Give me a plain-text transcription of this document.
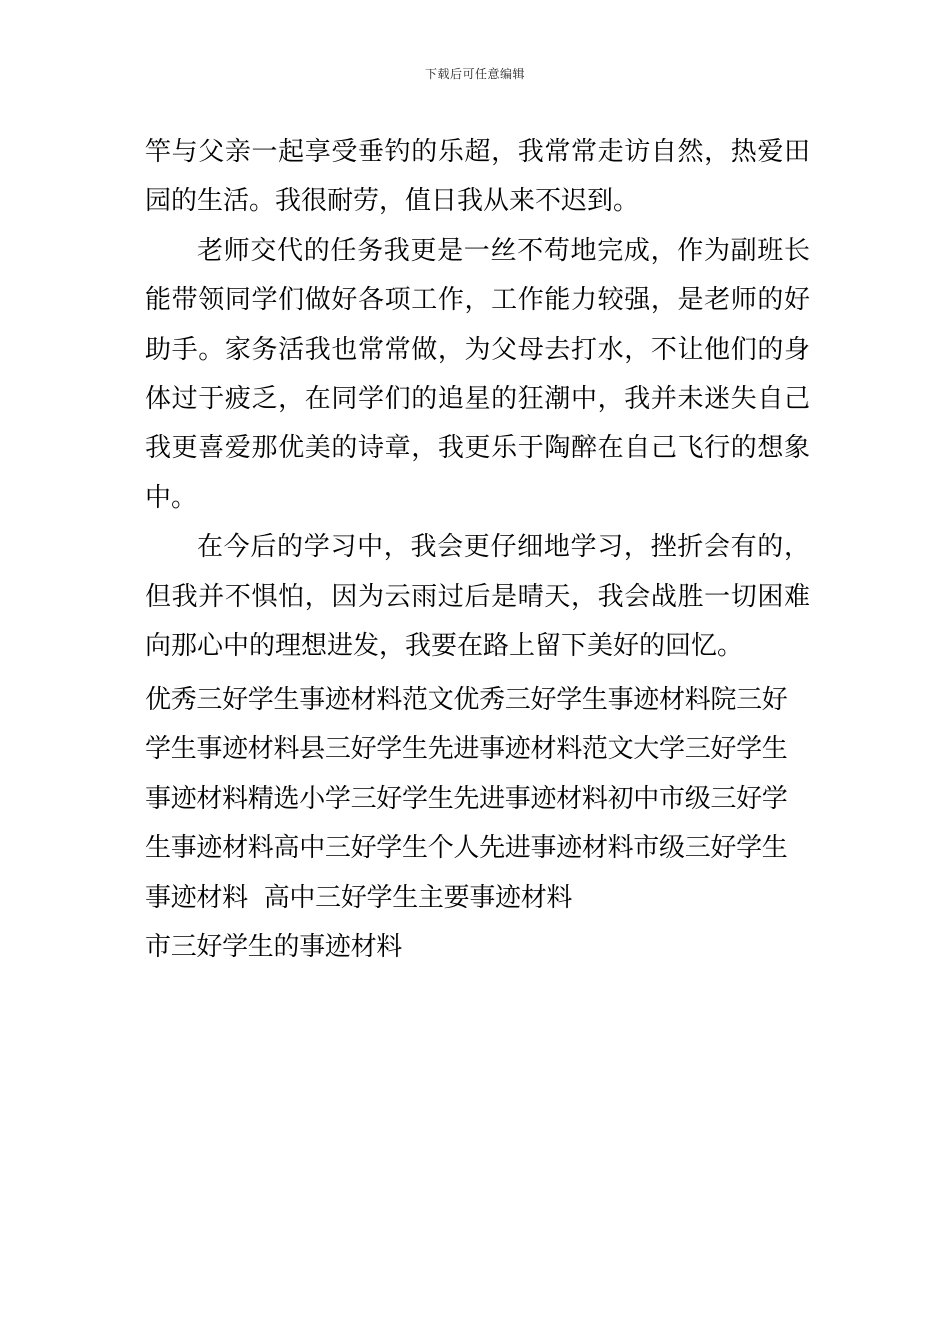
下载后可任意编辑

竿与父亲一起享受垂钓的乐超，我常常走访自然，热爱田园的生活。我很耐劳，值日我从来不迟到。

老师交代的任务我更是一丝不苟地完成，作为副班长能带领同学们做好各项工作，工作能力较强，是老师的好助手。家务活我也常常做，为父母去打水，不让他们的身体过于疲乏，在同学们的追星的狂潮中，我并未迷失自己我更喜爱那优美的诗章，我更乐于陶醉在自己飞行的想象中。

在今后的学习中，我会更仔细地学习，挫折会有的，但我并不惧怕，因为云雨过后是晴天，我会战胜一切困难向那心中的理想进发，我要在路上留下美好的回忆。

优秀三好学生事迹材料范文优秀三好学生事迹材料院三好学生事迹材料县三好学生先进事迹材料范文大学三好学生事迹材料精选小学三好学生先进事迹材料初中市级三好学生事迹材料高中三好学生个人先进事迹材料市级三好学生事迹材料  高中三好学生主要事迹材料

市三好学生的事迹材料
